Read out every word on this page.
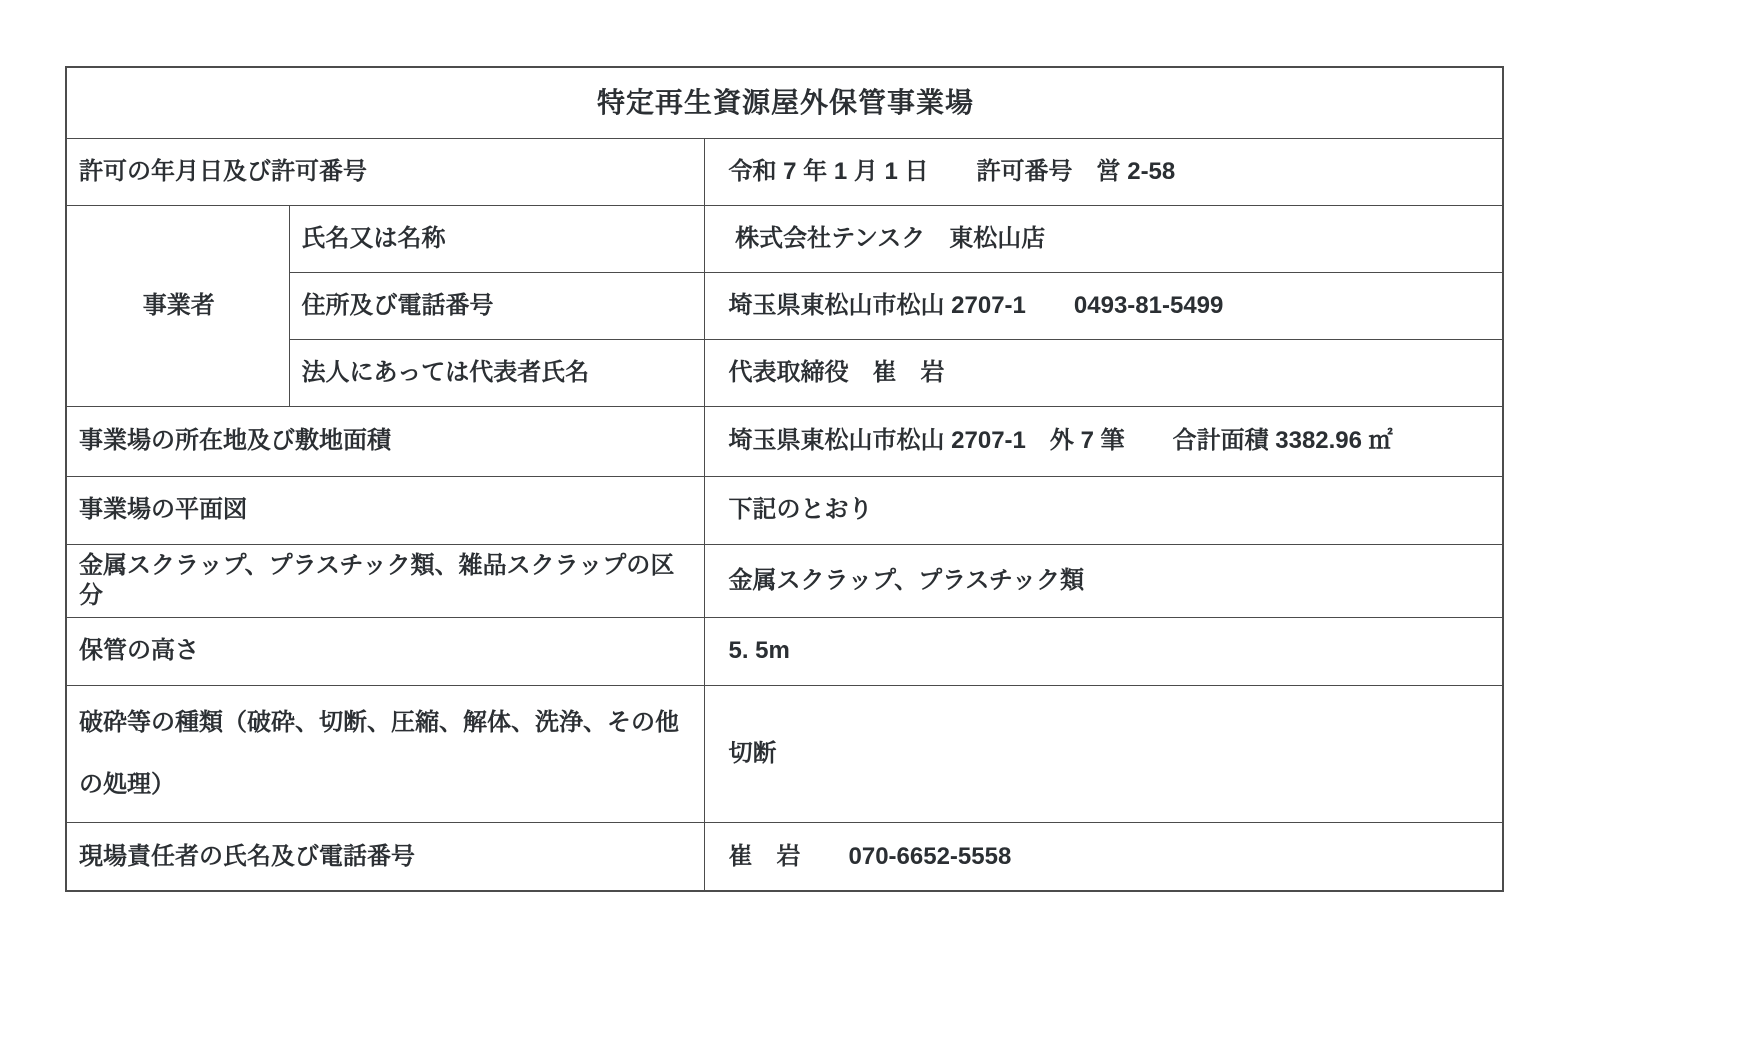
特定再生資源屋外保管事業場		
許可の年月日及び許可番号		令和 7 年 1 月 1 日　　許可番号　営 2-58
事業者	氏名又は名称	株式会社テンスク　東松山店
	住所及び電話番号	埼玉県東松山市松山 2707-1　　0493-81-5499
	法人にあっては代表者氏名	代表取締役　崔　岩
事業場の所在地及び敷地面積		埼玉県東松山市松山 2707-1　外 7 筆　　合計面積 3382.96 ㎡
事業場の平面図		下記のとおり
金属スクラップ、プラスチック類、雑品スクラップの区分		金属スクラップ、プラスチック類
保管の高さ		5. 5m
破砕等の種類（破砕、切断、圧縮、解体、洗浄、その他の処理）		切断
現場責任者の氏名及び電話番号		崔　岩　　070-6652-5558
